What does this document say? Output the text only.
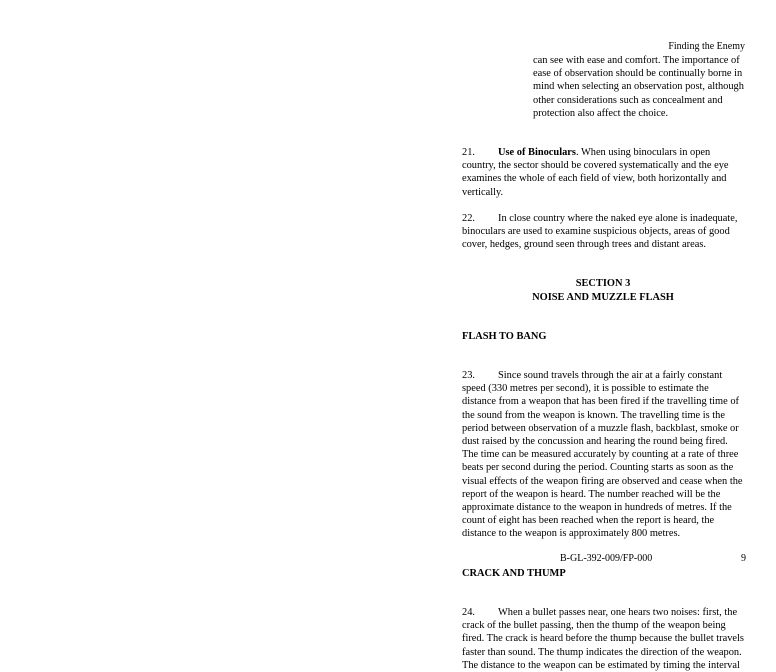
Finding the Enemy

can see with ease and comfort. The importance of ease of observation should be continually borne in mind when selecting an observation post, although other considerations such as concealment and protection also affect the choice.

21. Use of Binoculars. When using binoculars in open country, the sector should be covered systematically and the eye examines the whole of each field of view, both horizontally and vertically.

22. In close country where the naked eye alone is inadequate, binoculars are used to examine suspicious objects, areas of good cover, hedges, ground seen through trees and distant areas.

SECTION 3
NOISE AND MUZZLE FLASH

FLASH TO BANG

23. Since sound travels through the air at a fairly constant speed (330 metres per second), it is possible to estimate the distance from a weapon that has been fired if the travelling time of the sound from the weapon is known. The travelling time is the period between observation of a muzzle flash, backblast, smoke or dust raised by the concussion and hearing the round being fired. The time can be measured accurately by counting at a rate of three beats per second during the period. Counting starts as soon as the visual effects of the weapon firing are observed and cease when the report of the weapon is heard. The number reached will be the approximate distance to the weapon in hundreds of metres. If the count of eight has been reached when the report is heard, the distance to the weapon is approximately 800 metres.

CRACK AND THUMP

24. When a bullet passes near, one hears two noises: first, the crack of the bullet passing, then the thump of the weapon being fired. The crack is heard before the thump because the bullet travels faster than sound. The thump indicates the direction of the weapon. The distance to the weapon can be estimated by timing the interval

B-GL-392-009/FP-000	9
